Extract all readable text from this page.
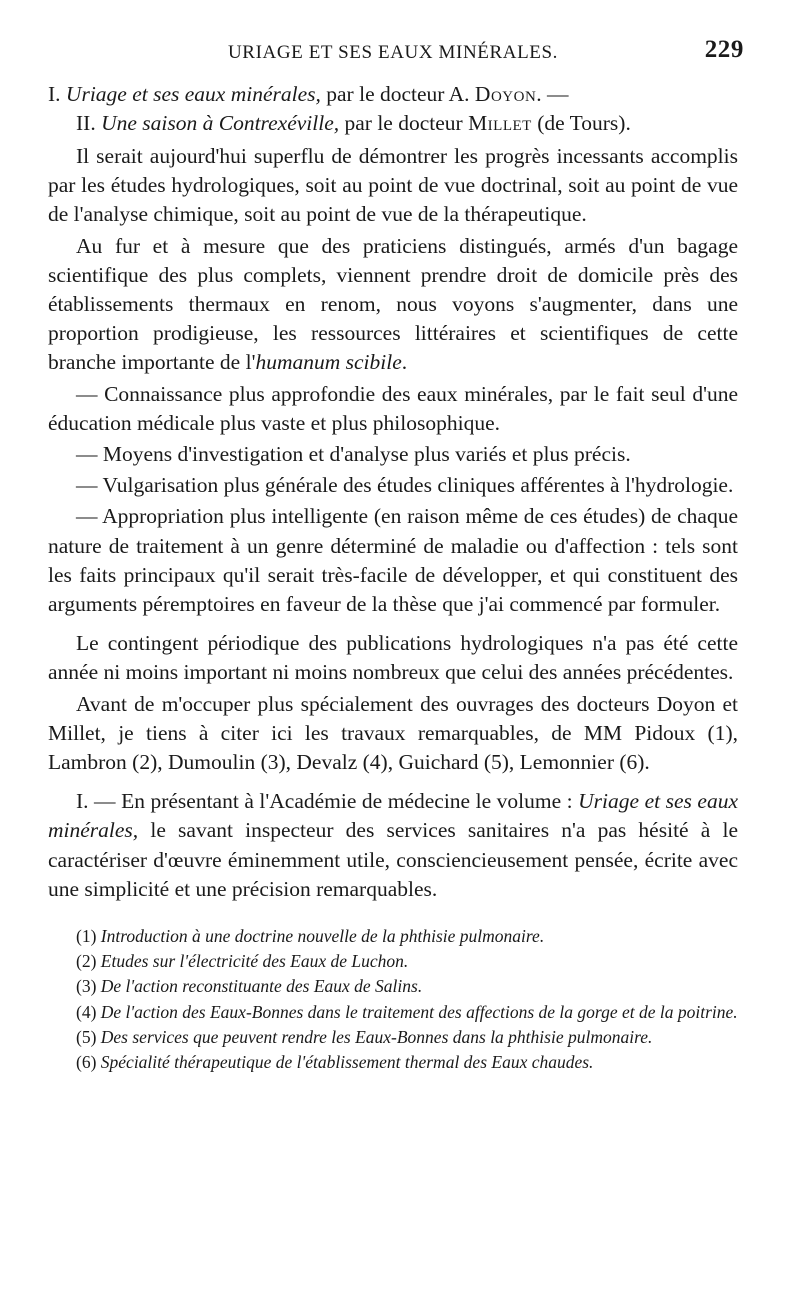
URIAGE ET SES EAUX MINÉRALES.	229
I. Uriage et ses eaux minérales, par le docteur A. Doyon. —
II. Une saison à Contrexéville, par le docteur Millet (de Tours).

Il serait aujourd'hui superflu de démontrer les progrès incessants accomplis par les études hydrologiques, soit au point de vue doctrinal, soit au point de vue de l'analyse chimique, soit au point de vue de la thérapeutique.

Au fur et à mesure que des praticiens distingués, armés d'un bagage scientifique des plus complets, viennent prendre droit de domicile près des établissements thermaux en renom, nous voyons s'augmenter, dans une proportion prodigieuse, les ressources littéraires et scientifiques de cette branche importante de l'humanum scibile.

— Connaissance plus approfondie des eaux minérales, par le fait seul d'une éducation médicale plus vaste et plus philosophique.

— Moyens d'investigation et d'analyse plus variés et plus précis.

— Vulgarisation plus générale des études cliniques afférentes à l'hydrologie.

— Appropriation plus intelligente (en raison même de ces études) de chaque nature de traitement à un genre déterminé de maladie ou d'affection : tels sont les faits principaux qu'il serait très-facile de développer, et qui constituent des arguments péremptoires en faveur de la thèse que j'ai commencé par formuler.

Le contingent périodique des publications hydrologiques n'a pas été cette année ni moins important ni moins nombreux que celui des années précédentes.

Avant de m'occuper plus spécialement des ouvrages des docteurs Doyon et Millet, je tiens à citer ici les travaux remarquables, de MM Pidoux (1), Lambron (2), Dumoulin (3), Devalz (4), Guichard (5), Lemonnier (6).

I. — En présentant à l'Académie de médecine le volume : Uriage et ses eaux minérales, le savant inspecteur des services sanitaires n'a pas hésité à le caractériser d'œuvre éminemment utile, consciencieusement pensée, écrite avec une simplicité et une précision remarquables.

(1) Introduction à une doctrine nouvelle de la phthisie pulmonaire.

(2) Etudes sur l'électricité des Eaux de Luchon.

(3) De l'action reconstituante des Eaux de Salins.

(4) De l'action des Eaux-Bonnes dans le traitement des affections de la gorge et de la poitrine.

(5) Des services que peuvent rendre les Eaux-Bonnes dans la phthisie pulmonaire.

(6) Spécialité thérapeutique de l'établissement thermal des Eaux chaudes.
